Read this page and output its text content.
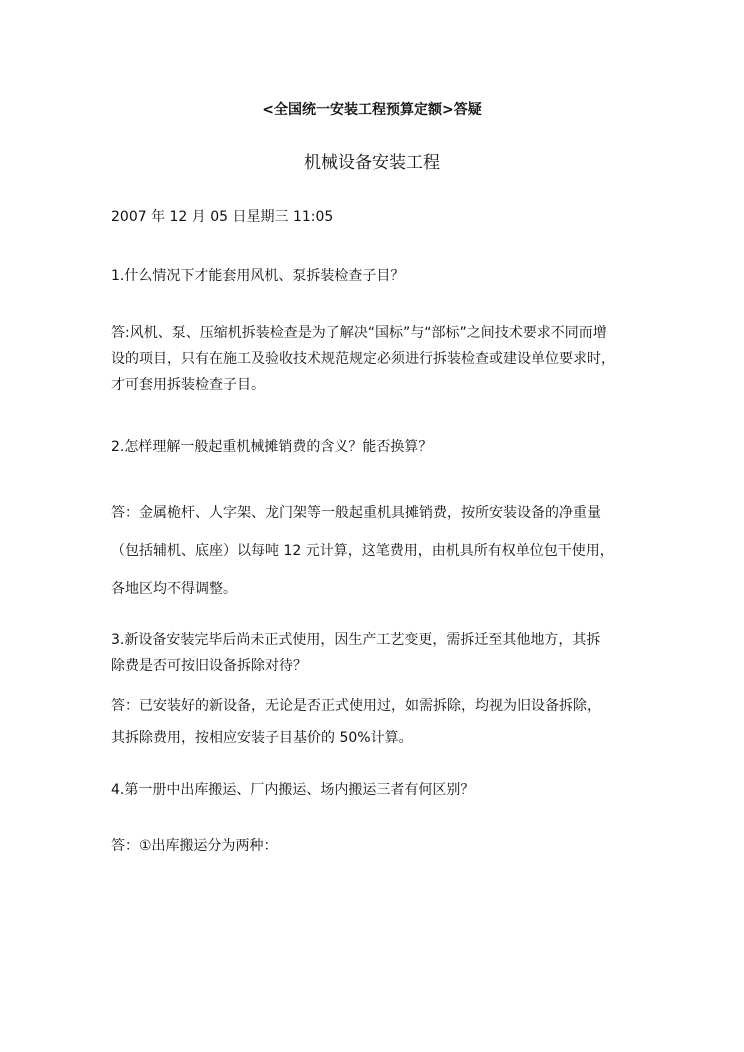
<全国统一安装工程预算定额>答疑
机械设备安装工程
2007 年 12 月 05 日星期三 11:05
1.什么情况下才能套用风机、泵拆装检查子目？
答:风机、泵、压缩机拆装检查是为了解决“国标”与“部标”之间技术要求不同而增
设的项目，只有在施工及验收技术规范规定必须进行拆装检查或建设单位要求时，
才可套用拆装检查子目。
2.怎样理解一般起重机械摊销费的含义？能否换算？
答：金属桅杆、人字架、龙门架等一般起重机具摊销费，按所安装设备的净重量
（包括辅机、底座）以每吨 12 元计算，这笔费用，由机具所有权单位包干使用，
各地区均不得调整。
3.新设备安装完毕后尚未正式使用，因生产工艺变更，需拆迁至其他地方，其拆
除费是否可按旧设备拆除对待？
答：已安装好的新设备，无论是否正式使用过，如需拆除，均视为旧设备拆除，
其拆除费用，按相应安装子目基价的 50%计算。
4.第一册中出库搬运、厂内搬运、场内搬运三者有何区别？
答：①出库搬运分为两种：
